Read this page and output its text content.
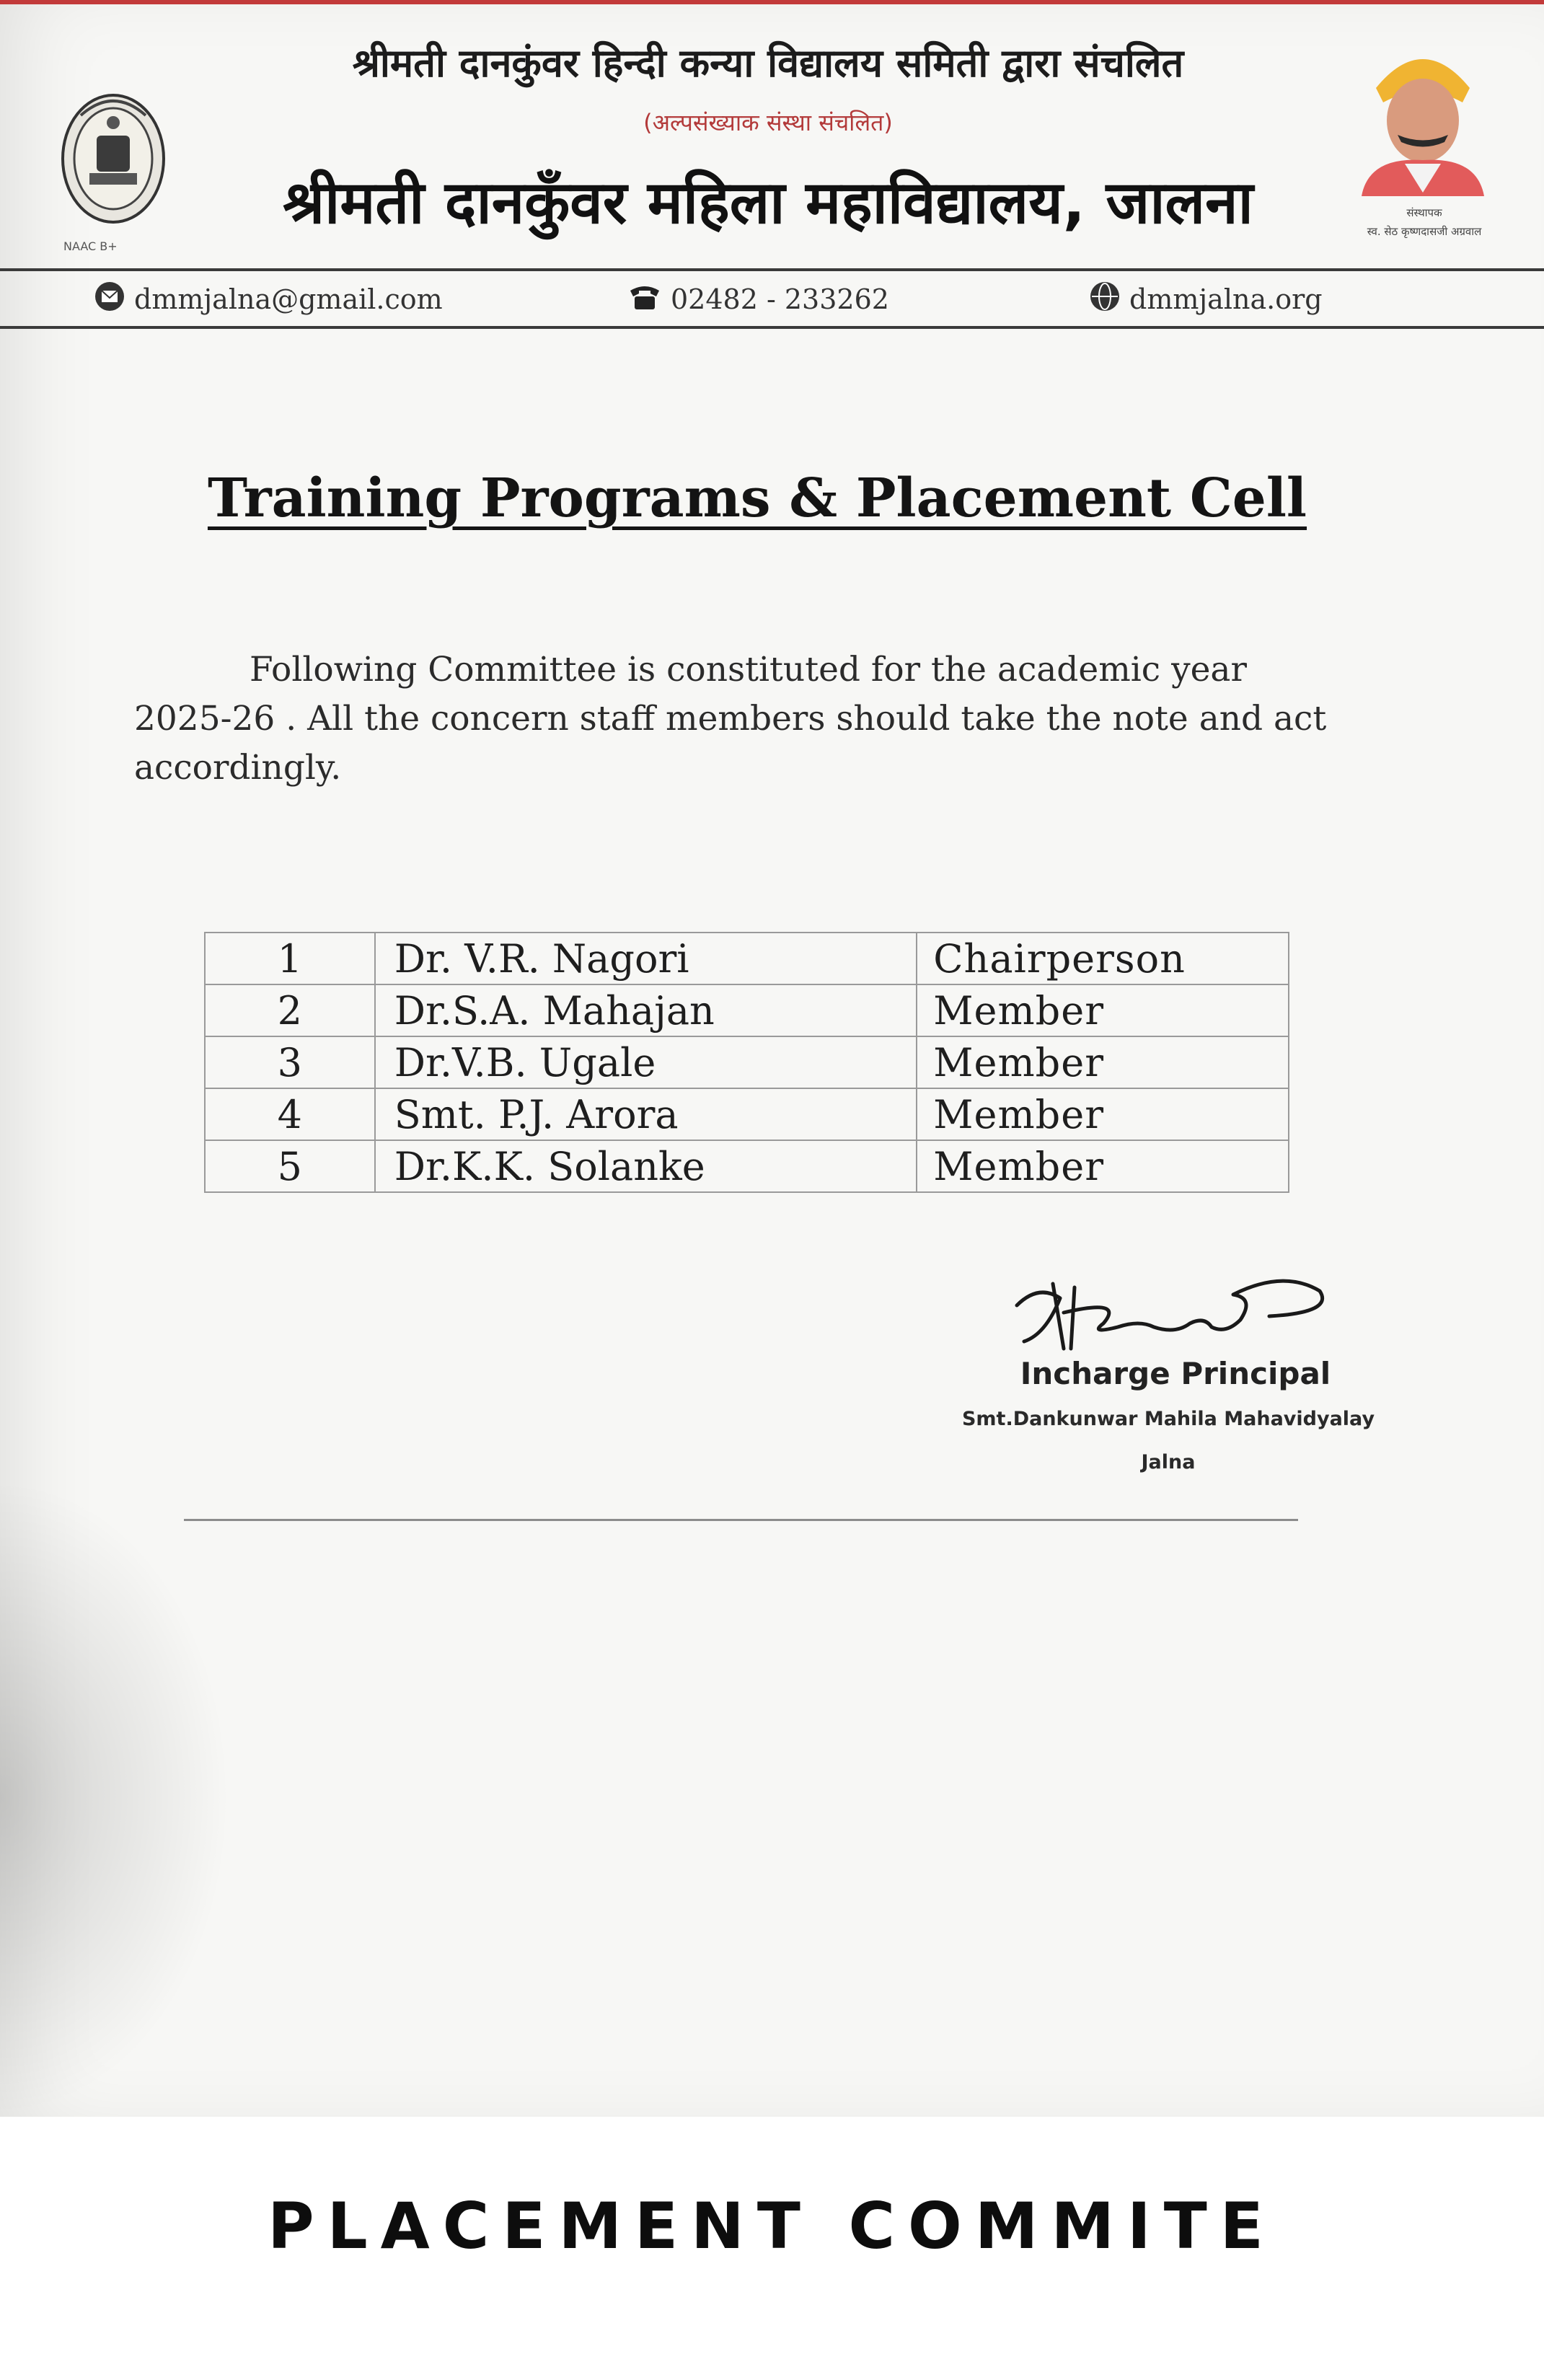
NAAC B+
श्रीमती दानकुंवर हिन्दी कन्या विद्यालय समिती द्वारा संचलित
(अल्पसंख्याक संस्था संचलित)
श्रीमती दानकुँवर महिला महाविद्यालय, जालना	संस्थापक
स्व. सेठ कृष्णदासजी अग्रवाल
dmmjalna@gmail.com	02482 - 233262	dmmjalna.org
Training Programs & Placement Cell
Following Committee is constituted for the academic year 2025-26 . All the concern staff members should take the note and act accordingly.
1	Dr. V.R. Nagori	Chairperson
2	Dr.S.A. Mahajan	Member
3	Dr.V.B. Ugale	Member
4	Smt. P.J. Arora	Member
5	Dr.K.K. Solanke	Member
Incharge Principal
Smt.Dankunwar Mahila Mahavidyalay
Jalna
PLACEMENT COMMITE
